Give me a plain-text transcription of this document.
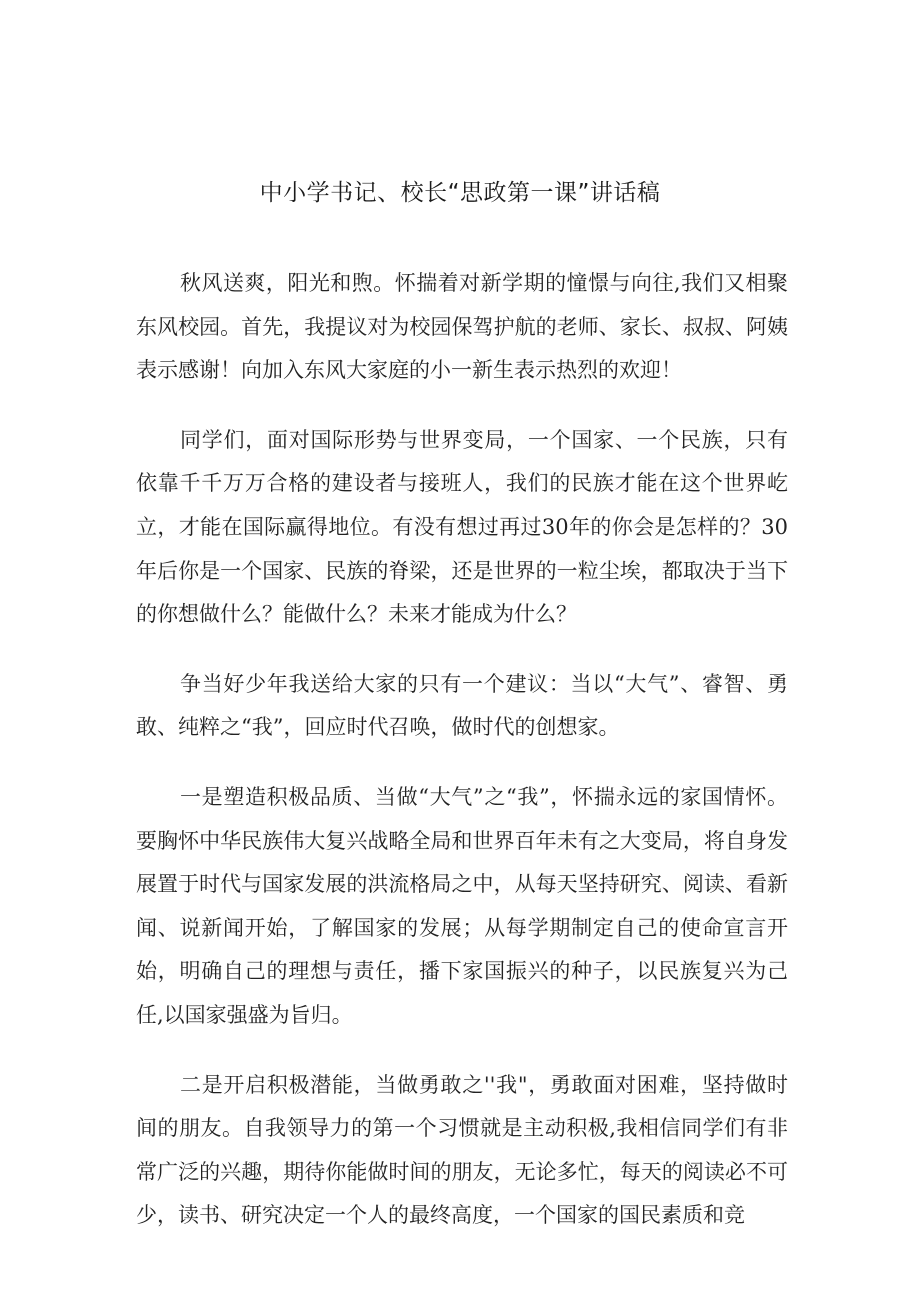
中小学书记、校长“思政第一课”讲话稿

秋风送爽，阳光和煦。怀揣着对新学期的憧憬与向往,我们又相聚东风校园。首先，我提议对为校园保驾护航的老师、家长、叔叔、阿姨表示感谢！向加入东风大家庭的小一新生表示热烈的欢迎！

同学们，面对国际形势与世界变局，一个国家、一个民族，只有依靠千千万万合格的建设者与接班人，我们的民族才能在这个世界屹立，才能在国际赢得地位。有没有想过再过30年的你会是怎样的？30年后你是一个国家、民族的脊梁，还是世界的一粒尘埃，都取决于当下的你想做什么？能做什么？未来才能成为什么？

争当好少年我送给大家的只有一个建议：当以“大气”、睿智、勇敢、纯粹之“我”，回应时代召唤，做时代的创想家。

一是塑造积极品质、当做“大气”之“我”，怀揣永远的家国情怀。要胸怀中华民族伟大复兴战略全局和世界百年未有之大变局，将自身发展置于时代与国家发展的洪流格局之中，从每天坚持研究、阅读、看新闻、说新闻开始，了解国家的发展；从每学期制定自己的使命宣言开始，明确自己的理想与责任，播下家国振兴的种子，以民族复兴为己任,以国家强盛为旨归。

二是开启积极潜能，当做勇敢之''我"，勇敢面对困难，坚持做时间的朋友。自我领导力的第一个习惯就是主动积极,我相信同学们有非常广泛的兴趣，期待你能做时间的朋友，无论多忙，每天的阅读必不可少，读书、研究决定一个人的最终高度，一个国家的国民素质和竞
